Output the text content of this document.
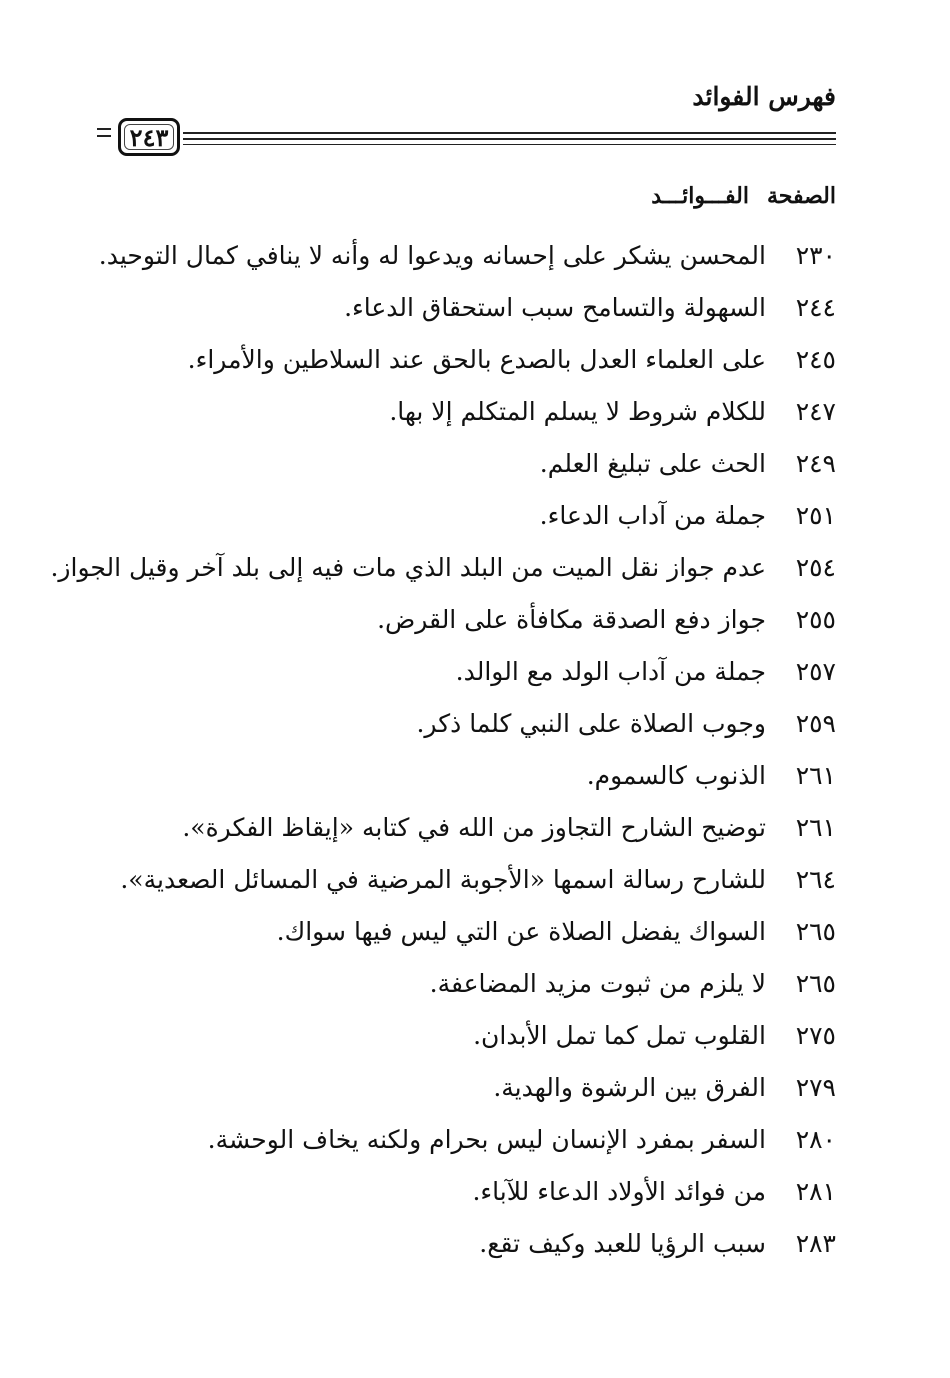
فهرس الفوائد
٢٤٣
الصفحة
الفـــوائـــد
٢٣٠
المحسن يشكر على إحسانه ويدعوا له وأنه لا ينافي كمال التوحيد.
٢٤٤
السهولة والتسامح سبب استحقاق الدعاء.
٢٤٥
على العلماء العدل بالصدع بالحق عند السلاطين والأمراء.
٢٤٧
للكلام شروط لا يسلم المتكلم إلا بها.
٢٤٩
الحث على تبليغ العلم.
٢٥١
جملة من آداب الدعاء.
٢٥٤
عدم جواز نقل الميت من البلد الذي مات فيه إلى بلد آخر وقيل الجواز.
٢٥٥
جواز دفع الصدقة مكافأة على القرض.
٢٥٧
جملة من آداب الولد مع الوالد.
٢٥٩
وجوب الصلاة على النبي كلما ذكر.
٢٦١
الذنوب كالسموم.
٢٦١
توضيح الشارح التجاوز من الله في كتابه «إيقاظ الفكرة».
٢٦٤
للشارح رسالة اسمها «الأجوبة المرضية في المسائل الصعدية».
٢٦٥
السواك يفضل الصلاة عن التي ليس فيها سواك.
٢٦٥
لا يلزم من ثبوت مزيد المضاعفة.
٢٧٥
القلوب تمل كما تمل الأبدان.
٢٧٩
الفرق بين الرشوة والهدية.
٢٨٠
السفر بمفرد الإنسان ليس بحرام ولكنه يخاف الوحشة.
٢٨١
من فوائد الأولاد الدعاء للآباء.
٢٨٣
سبب الرؤيا للعبد وكيف تقع.
